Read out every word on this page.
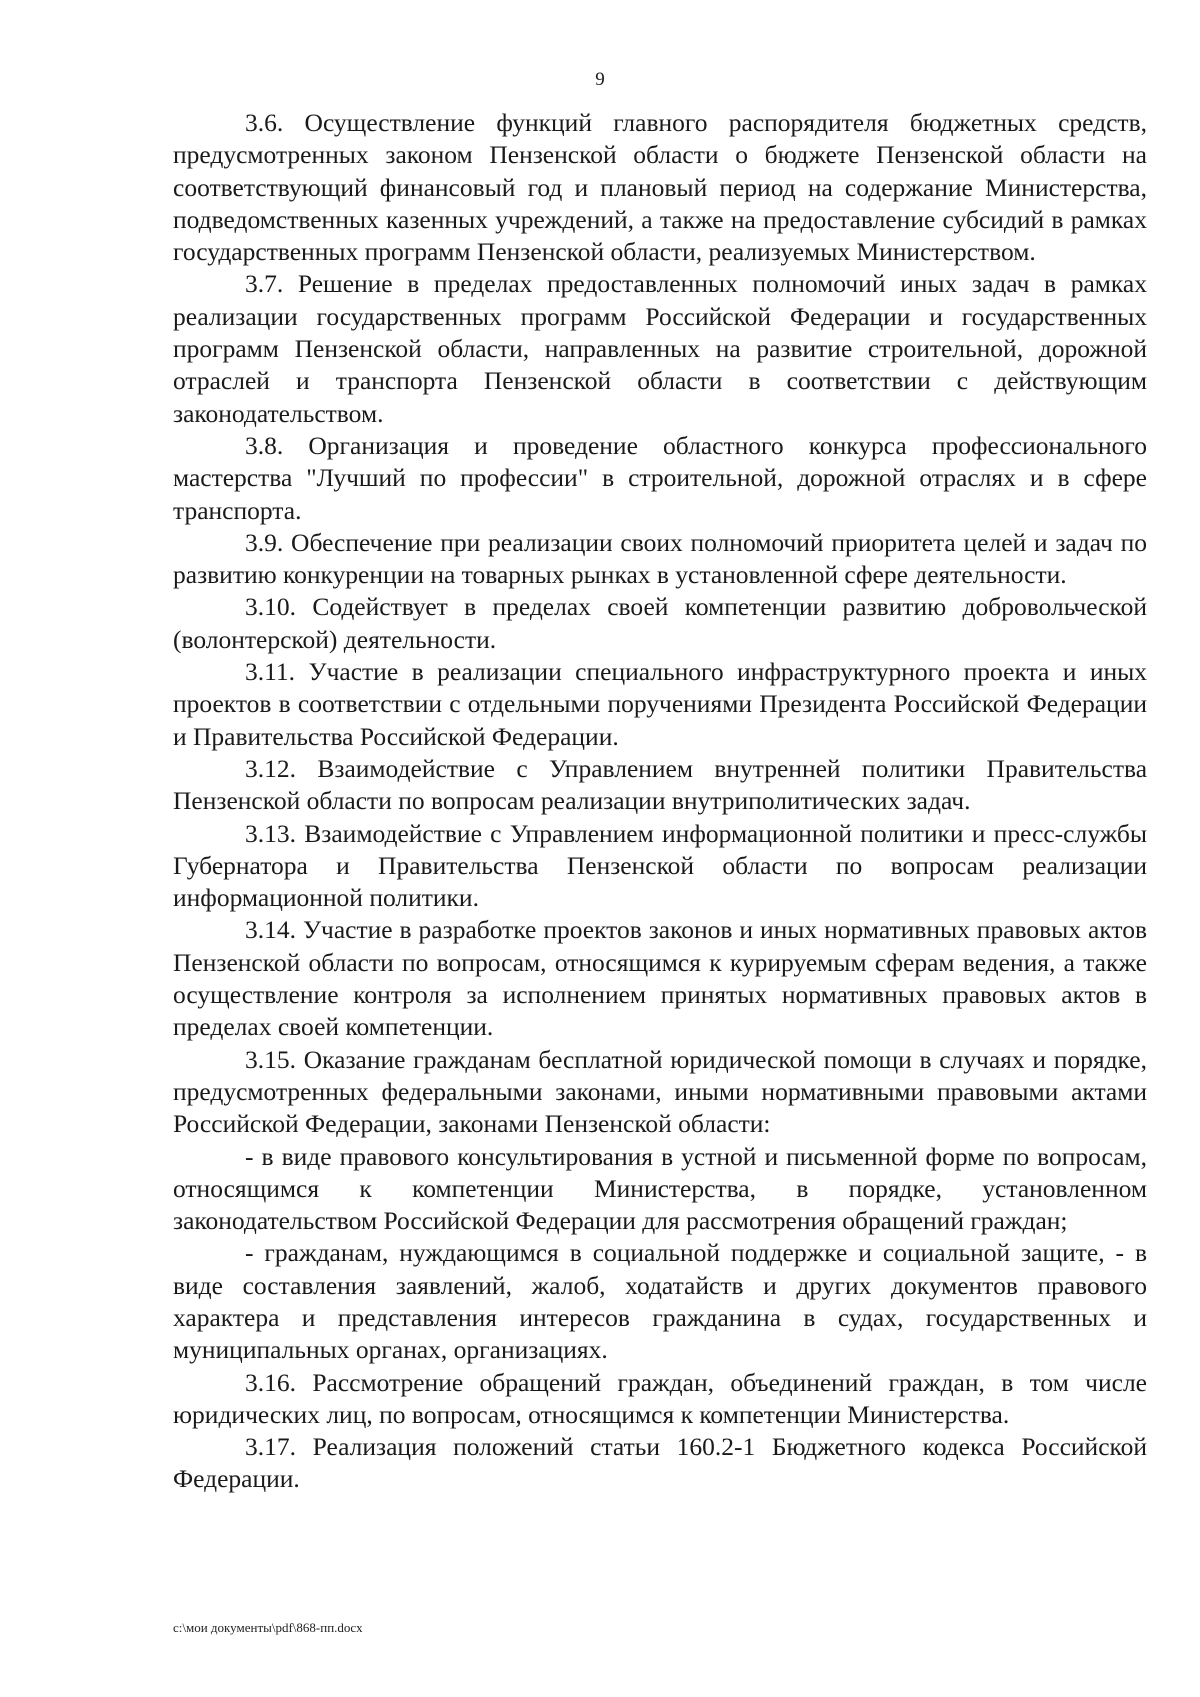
9

3.6. Осуществление функций главного распорядителя бюджетных средств, предусмотренных законом Пензенской области о бюджете Пензенской области на соответствующий финансовый год и плановый период на содержание Министерства, подведомственных казенных учреждений, а также на предоставление субсидий в рамках государственных программ Пензенской области, реализуемых Министерством.

3.7. Решение в пределах предоставленных полномочий иных задач в рамках реализации государственных программ Российской Федерации и государственных программ Пензенской области, направленных на развитие строительной, дорожной отраслей и транспорта Пензенской области в соответствии с действующим законодательством.

3.8. Организация и проведение областного конкурса профессионального мастерства "Лучший по профессии" в строительной, дорожной отраслях и в сфере транспорта.

3.9. Обеспечение при реализации своих полномочий приоритета целей и задач по развитию конкуренции на товарных рынках в установленной сфере деятельности.

3.10. Содействует в пределах своей компетенции развитию добровольческой (волонтерской) деятельности.

3.11. Участие в реализации специального инфраструктурного проекта и иных проектов в соответствии с отдельными поручениями Президента Российской Федерации и Правительства Российской Федерации.

3.12. Взаимодействие с Управлением внутренней политики Правительства Пензенской области по вопросам реализации внутриполитических задач.

3.13. Взаимодействие с Управлением информационной политики и пресс-службы Губернатора и Правительства Пензенской области по вопросам реализации информационной политики.

3.14. Участие в разработке проектов законов и иных нормативных правовых актов Пензенской области по вопросам, относящимся к курируемым сферам ведения, а также осуществление контроля за исполнением принятых нормативных правовых актов в пределах своей компетенции.

3.15. Оказание гражданам бесплатной юридической помощи в случаях и порядке, предусмотренных федеральными законами, иными нормативными правовыми актами Российской Федерации, законами Пензенской области:

- в виде правового консультирования в устной и письменной форме по вопросам, относящимся к компетенции Министерства, в порядке, установленном законодательством Российской Федерации для рассмотрения обращений граждан;

- гражданам, нуждающимся в социальной поддержке и социальной защите, - в виде составления заявлений, жалоб, ходатайств и других документов правового характера и представления интересов гражданина в судах, государственных и муниципальных органах, организациях.

3.16. Рассмотрение обращений граждан, объединений граждан, в том числе юридических лиц, по вопросам, относящимся к компетенции Министерства.

3.17. Реализация положений статьи 160.2-1 Бюджетного кодекса Российской Федерации.

c:\мои документы\pdf\868-пп.docx
